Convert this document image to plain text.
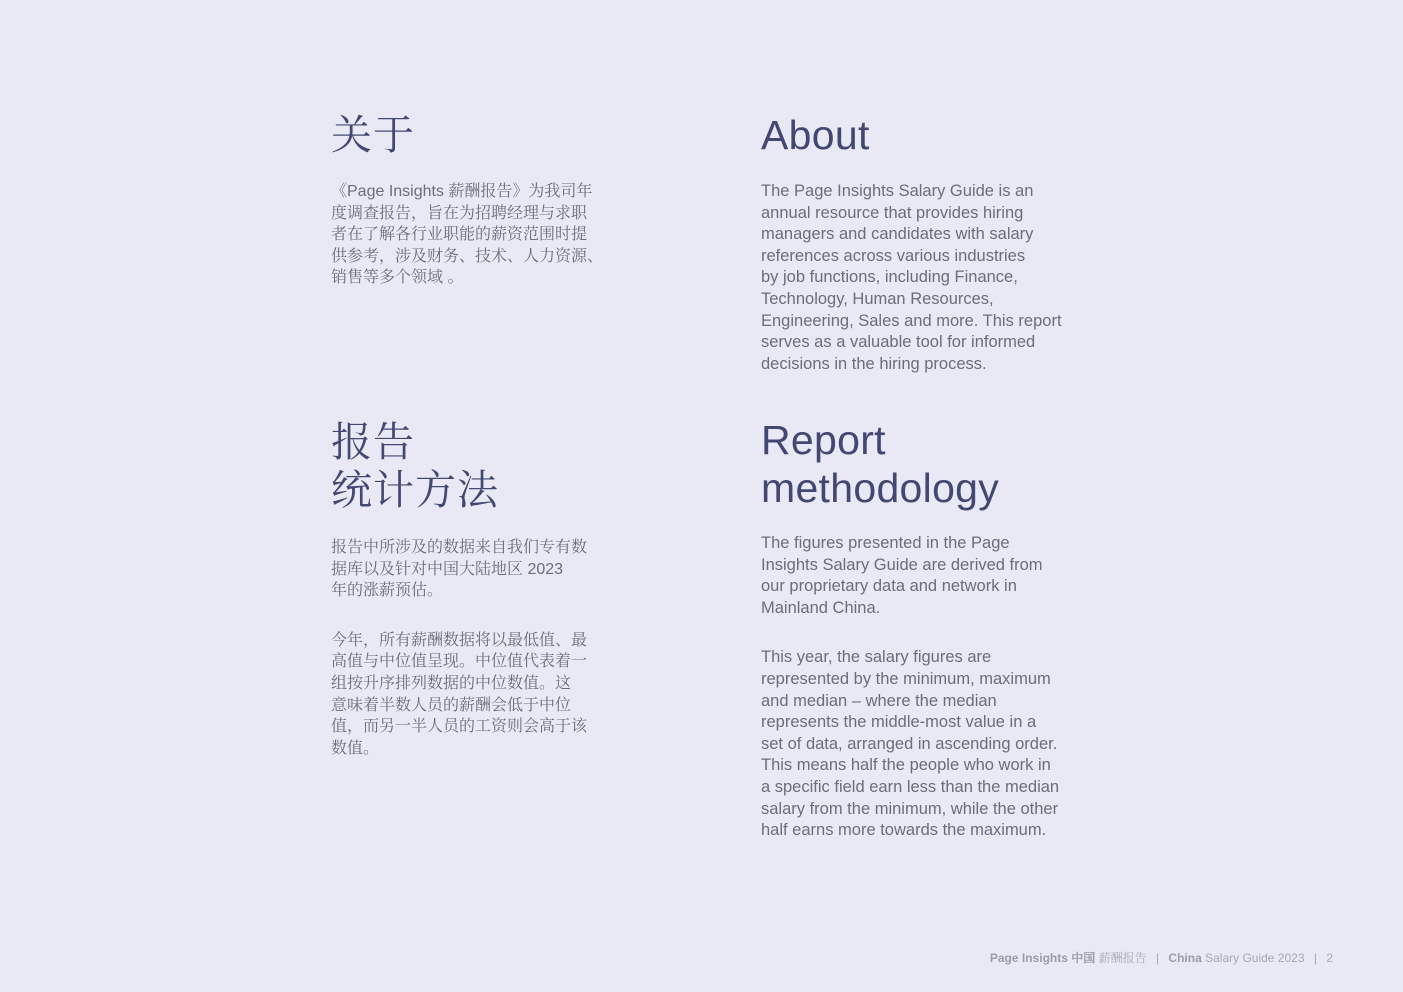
关于

《Page Insights 薪酬报告》为我司年
度调查报告，旨在为招聘经理与求职
者在了解各行业职能的薪资范围时提
供参考，涉及财务、技术、人力资源、
销售等多个领域 。

About

The Page Insights Salary Guide is an
annual resource that provides hiring
managers and candidates with salary
references across various industries
by job functions, including Finance,
Technology, Human Resources,
Engineering, Sales and more. This report
serves as a valuable tool for informed
decisions in the hiring process.

报告
统计方法

报告中所涉及的数据来自我们专有数
据库以及针对中国大陆地区 2023
年的涨薪预估。

今年，所有薪酬数据将以最低值、最
高值与中位值呈现。中位值代表着一
组按升序排列数据的中位数值。这
意味着半数人员的薪酬会低于中位
值，而另一半人员的工资则会高于该
数值。

Report
methodology

The figures presented in the Page
Insights Salary Guide are derived from
our proprietary data and network in
Mainland China.

This year, the salary figures are
represented by the minimum, maximum
and median – where the median
represents the middle-most value in a
set of data, arranged in ascending order.
This means half the people who work in
a specific field earn less than the median
salary from the minimum, while the other
half earns more towards the maximum.

Page Insights 中国 薪酬报告 | China Salary Guide 2023 | 2
